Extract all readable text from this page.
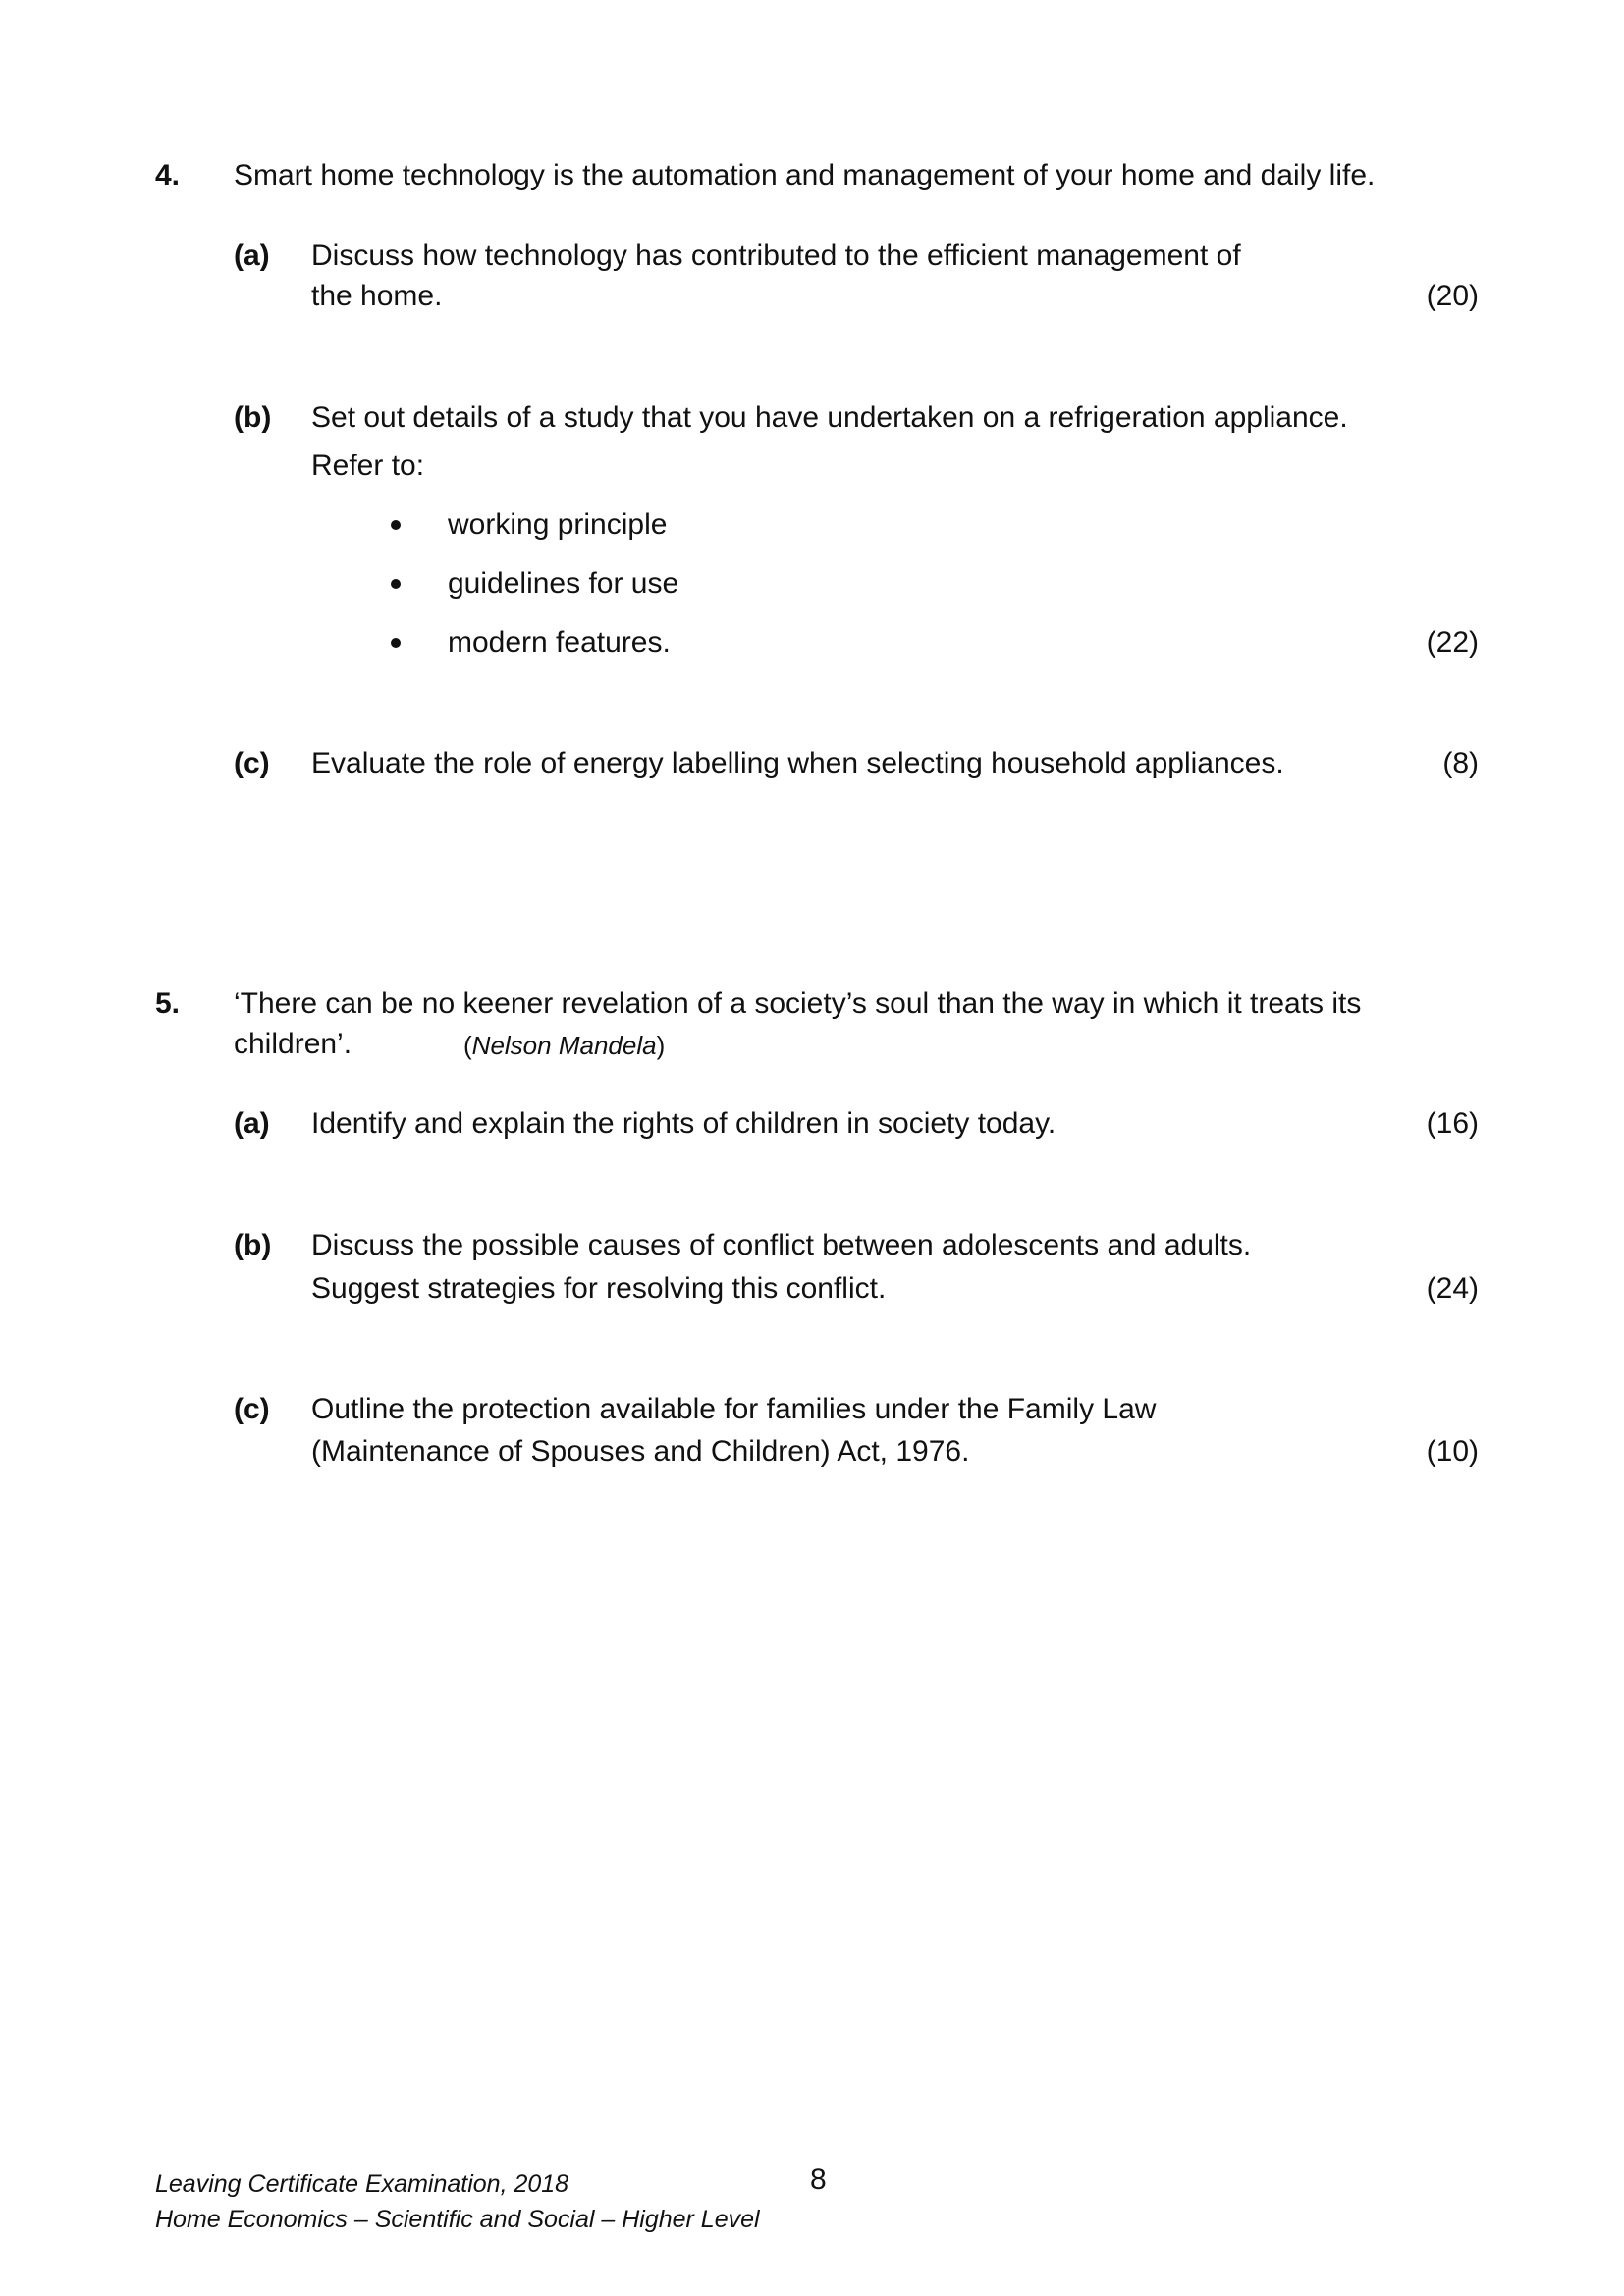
4. Smart home technology is the automation and management of your home and daily life.
(a) Discuss how technology has contributed to the efficient management of
the home.	(20)
(b) Set out details of a study that you have undertaken on a refrigeration appliance.
Refer to:
working principle
guidelines for use
modern features.	(22)
(c) Evaluate the role of energy labelling when selecting household appliances.	(8)
5. ‘There can be no keener revelation of a society’s soul than the way in which it treats its
children’.	(Nelson Mandela)
(a) Identify and explain the rights of children in society today.	(16)
(b) Discuss the possible causes of conflict between adolescents and adults.
Suggest strategies for resolving this conflict.	(24)
(c) Outline the protection available for families under the Family Law
(Maintenance of Spouses and Children) Act, 1976.	(10)
Leaving Certificate Examination, 2018
Home Economics – Scientific and Social – Higher Level
8
